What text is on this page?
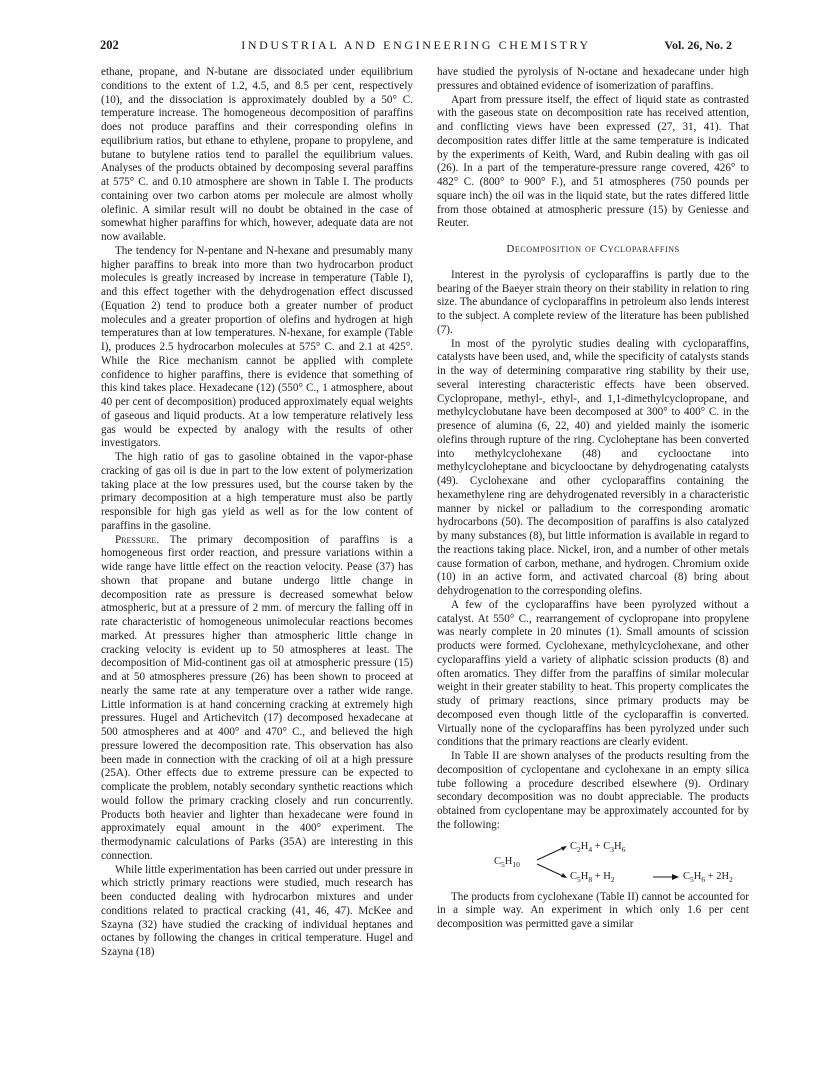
202	INDUSTRIAL AND ENGINEERING CHEMISTRY	Vol. 26, No. 2

ethane, propane, and N-butane are dissociated under equilibrium conditions to the extent of 1.2, 4.5, and 8.5 per cent, respectively (10), and the dissociation is approximately doubled by a 50° C. temperature increase. The homogeneous decomposition of paraffins does not produce paraffins and their corresponding olefins in equilibrium ratios, but ethane to ethylene, propane to propylene, and butane to butylene ratios tend to parallel the equilibrium values. Analyses of the products obtained by decomposing several paraffins at 575° C. and 0.10 atmosphere are shown in Table I. The products containing over two carbon atoms per molecule are almost wholly olefinic. A similar result will no doubt be obtained in the case of somewhat higher paraffins for which, however, adequate data are not now available.

The tendency for N-pentane and N-hexane and presumably many higher paraffins to break into more than two hydrocarbon product molecules is greatly increased by increase in temperature (Table I), and this effect together with the dehydrogenation effect discussed (Equation 2) tend to produce both a greater number of product molecules and a greater proportion of olefins and hydrogen at high temperatures than at low temperatures. N-hexane, for example (Table I), produces 2.5 hydrocarbon molecules at 575° C. and 2.1 at 425°. While the Rice mechanism cannot be applied with complete confidence to higher paraffins, there is evidence that something of this kind takes place. Hexadecane (12) (550° C., 1 atmosphere, about 40 per cent of decomposition) produced approximately equal weights of gaseous and liquid products. At a low temperature relatively less gas would be expected by analogy with the results of other investigators.

The high ratio of gas to gasoline obtained in the vapor-phase cracking of gas oil is due in part to the low extent of polymerization taking place at the low pressures used, but the course taken by the primary decomposition at a high temperature must also be partly responsible for high gas yield as well as for the low content of paraffins in the gasoline.

Pressure. The primary decomposition of paraffins is a homogeneous first order reaction, and pressure variations within a wide range have little effect on the reaction velocity. Pease (37) has shown that propane and butane undergo little change in decomposition rate as pressure is decreased somewhat below atmospheric, but at a pressure of 2 mm. of mercury the falling off in rate characteristic of homogeneous unimolecular reactions becomes marked. At pressures higher than atmospheric little change in cracking velocity is evident up to 50 atmospheres at least. The decomposition of Mid-continent gas oil at atmospheric pressure (15) and at 50 atmospheres pressure (26) has been shown to proceed at nearly the same rate at any temperature over a rather wide range. Little information is at hand concerning cracking at extremely high pressures. Hugel and Artichevitch (17) decomposed hexadecane at 500 atmospheres and at 400° and 470° C., and believed the high pressure lowered the decomposition rate. This observation has also been made in connection with the cracking of oil at a high pressure (25A). Other effects due to extreme pressure can be expected to complicate the problem, notably secondary synthetic reactions which would follow the primary cracking closely and run concurrently. Products both heavier and lighter than hexadecane were found in approximately equal amount in the 400° experiment. The thermodynamic calculations of Parks (35A) are interesting in this connection.

While little experimentation has been carried out under pressure in which strictly primary reactions were studied, much research has been conducted dealing with hydrocarbon mixtures and under conditions related to practical cracking (41, 46, 47). McKee and Szayna (32) have studied the cracking of individual heptanes and octanes by following the changes in critical temperature. Hugel and Szayna (18)

have studied the pyrolysis of N-octane and hexadecane under high pressures and obtained evidence of isomerization of paraffins.

Apart from pressure itself, the effect of liquid state as contrasted with the gaseous state on decomposition rate has received attention, and conflicting views have been expressed (27, 31, 41). That decomposition rates differ little at the same temperature is indicated by the experiments of Keith, Ward, and Rubin dealing with gas oil (26). In a part of the temperature-pressure range covered, 426° to 482° C. (800° to 900° F.), and 51 atmospheres (750 pounds per square inch) the oil was in the liquid state, but the rates differed little from those obtained at atmospheric pressure (15) by Geniesse and Reuter.

Decomposition of Cycloparaffins

Interest in the pyrolysis of cycloparaffins is partly due to the bearing of the Baeyer strain theory on their stability in relation to ring size. The abundance of cycloparaffins in petroleum also lends interest to the subject. A complete review of the literature has been published (7).

In most of the pyrolytic studies dealing with cycloparaffins, catalysts have been used, and, while the specificity of catalysts stands in the way of determining comparative ring stability by their use, several interesting characteristic effects have been observed. Cyclopropane, methyl-, ethyl-, and 1,1-dimethylcyclopropane, and methylcyclobutane have been decomposed at 300° to 400° C. in the presence of alumina (6, 22, 40) and yielded mainly the isomeric olefins through rupture of the ring. Cycloheptane has been converted into methylcyclohexane (48) and cyclooctane into methylcycloheptane and bicyclooctane by dehydrogenating catalysts (49). Cyclohexane and other cycloparaffins containing the hexamethylene ring are dehydrogenated reversibly in a characteristic manner by nickel or palladium to the corresponding aromatic hydrocarbons (50). The decomposition of paraffins is also catalyzed by many substances (8), but little information is available in regard to the reactions taking place. Nickel, iron, and a number of other metals cause formation of carbon, methane, and hydrogen. Chromium oxide (10) in an active form, and activated charcoal (8) bring about dehydrogenation to the corresponding olefins.

A few of the cycloparaffins have been pyrolyzed without a catalyst. At 550° C., rearrangement of cyclopropane into propylene was nearly complete in 20 minutes (1). Small amounts of scission products were formed. Cyclohexane, methylcyclohexane, and other cycloparaffins yield a variety of aliphatic scission products (8) and often aromatics. They differ from the paraffins of similar molecular weight in their greater stability to heat. This property complicates the study of primary reactions, since primary products may be decomposed even though little of the cycloparaffin is converted. Virtually none of the cycloparaffins has been pyrolyzed under such conditions that the primary reactions are clearly evident.

In Table II are shown analyses of the products resulting from the decomposition of cyclopentane and cyclohexane in an empty silica tube following a procedure described elsewhere (9). Ordinary secondary decomposition was no doubt appreciable. The products obtained from cyclopentane may be approximately accounted for by the following:

$C_5H_{10}$
$C_2H_4 + C_3H_6$
$C_5H_8 + H_2$	$C_5H_6 + 2H_2$

The products from cyclohexane (Table II) cannot be accounted for in a simple way. An experiment in which only 1.6 per cent decomposition was permitted gave a similar
